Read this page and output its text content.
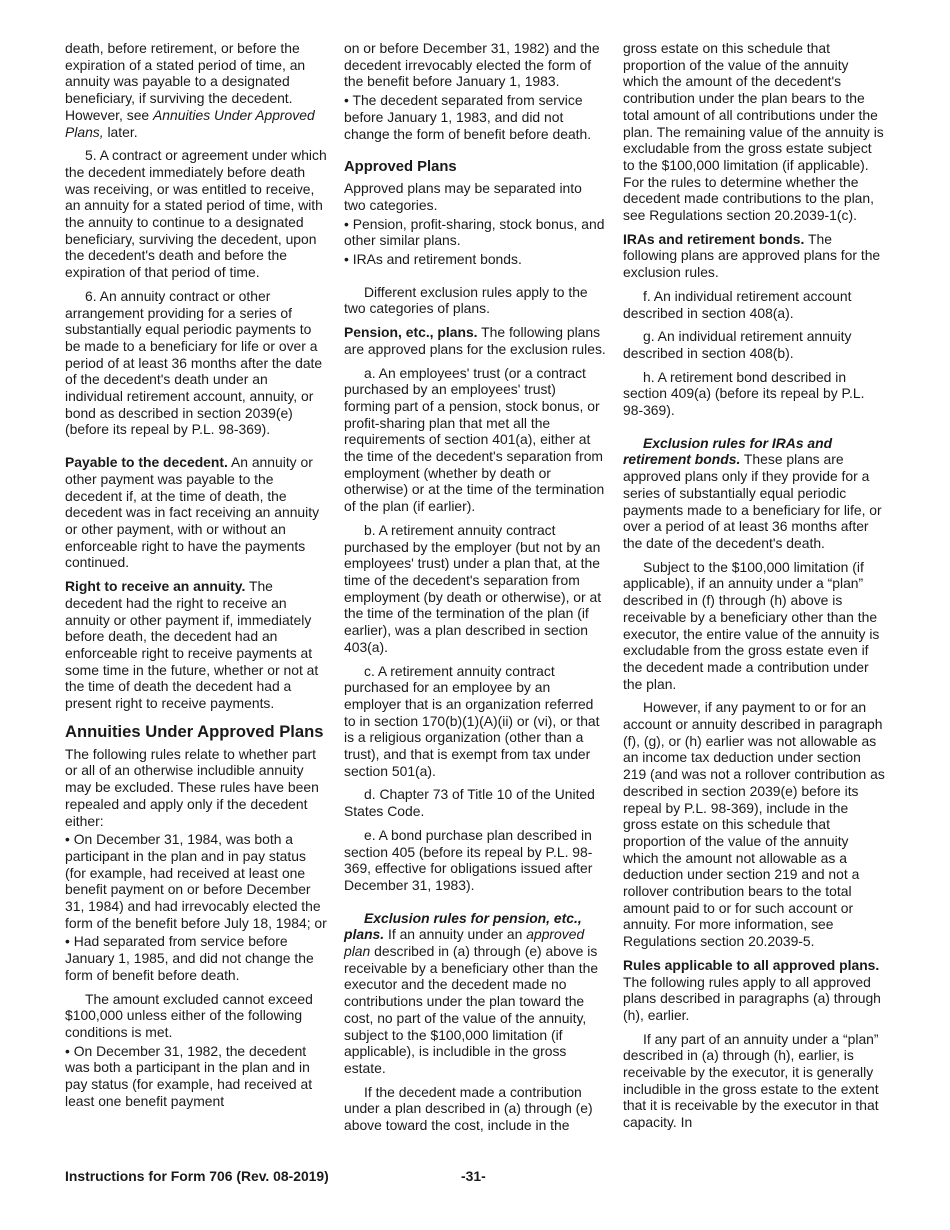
death, before retirement, or before the expiration of a stated period of time, an annuity was payable to a designated beneficiary, if surviving the decedent. However, see Annuities Under Approved Plans, later.

5. A contract or agreement under which the decedent immediately before death was receiving, or was entitled to receive, an annuity for a stated period of time, with the annuity to continue to a designated beneficiary, surviving the decedent, upon the decedent's death and before the expiration of that period of time.

6. An annuity contract or other arrangement providing for a series of substantially equal periodic payments to be made to a beneficiary for life or over a period of at least 36 months after the date of the decedent's death under an individual retirement account, annuity, or bond as described in section 2039(e) (before its repeal by P.L. 98-369).

Payable to the decedent. An annuity or other payment was payable to the decedent if, at the time of death, the decedent was in fact receiving an annuity or other payment, with or without an enforceable right to have the payments continued.

Right to receive an annuity. The decedent had the right to receive an annuity or other payment if, immediately before death, the decedent had an enforceable right to receive payments at some time in the future, whether or not at the time of death the decedent had a present right to receive payments.

Annuities Under Approved Plans

The following rules relate to whether part or all of an otherwise includible annuity may be excluded. These rules have been repealed and apply only if the decedent either:

• On December 31, 1984, was both a participant in the plan and in pay status (for example, had received at least one benefit payment on or before December 31, 1984) and had irrevocably elected the form of the benefit before July 18, 1984; or

• Had separated from service before January 1, 1985, and did not change the form of benefit before death.

The amount excluded cannot exceed $100,000 unless either of the following conditions is met.

• On December 31, 1982, the decedent was both a participant in the plan and in pay status (for example, had received at least one benefit payment

on or before December 31, 1982) and the decedent irrevocably elected the form of the benefit before January 1, 1983.

• The decedent separated from service before January 1, 1983, and did not change the form of benefit before death.

Approved Plans

Approved plans may be separated into two categories.

• Pension, profit-sharing, stock bonus, and other similar plans.

• IRAs and retirement bonds.

Different exclusion rules apply to the two categories of plans.

Pension, etc., plans. The following plans are approved plans for the exclusion rules.

a. An employees' trust (or a contract purchased by an employees' trust) forming part of a pension, stock bonus, or profit-sharing plan that met all the requirements of section 401(a), either at the time of the decedent's separation from employment (whether by death or otherwise) or at the time of the termination of the plan (if earlier).

b. A retirement annuity contract purchased by the employer (but not by an employees' trust) under a plan that, at the time of the decedent's separation from employment (by death or otherwise), or at the time of the termination of the plan (if earlier), was a plan described in section 403(a).

c. A retirement annuity contract purchased for an employee by an employer that is an organization referred to in section 170(b)(1)(A)(ii) or (vi), or that is a religious organization (other than a trust), and that is exempt from tax under section 501(a).

d. Chapter 73 of Title 10 of the United States Code.

e. A bond purchase plan described in section 405 (before its repeal by P.L. 98-369, effective for obligations issued after December 31, 1983).

Exclusion rules for pension, etc., plans. If an annuity under an approved plan described in (a) through (e) above is receivable by a beneficiary other than the executor and the decedent made no contributions under the plan toward the cost, no part of the value of the annuity, subject to the $100,000 limitation (if applicable), is includible in the gross estate.

If the decedent made a contribution under a plan described in (a) through (e) above toward the cost, include in the

gross estate on this schedule that proportion of the value of the annuity which the amount of the decedent's contribution under the plan bears to the total amount of all contributions under the plan. The remaining value of the annuity is excludable from the gross estate subject to the $100,000 limitation (if applicable). For the rules to determine whether the decedent made contributions to the plan, see Regulations section 20.2039-1(c).

IRAs and retirement bonds. The following plans are approved plans for the exclusion rules.

f. An individual retirement account described in section 408(a).

g. An individual retirement annuity described in section 408(b).

h. A retirement bond described in section 409(a) (before its repeal by P.L. 98-369).

Exclusion rules for IRAs and retirement bonds. These plans are approved plans only if they provide for a series of substantially equal periodic payments made to a beneficiary for life, or over a period of at least 36 months after the date of the decedent's death.

Subject to the $100,000 limitation (if applicable), if an annuity under a “plan” described in (f) through (h) above is receivable by a beneficiary other than the executor, the entire value of the annuity is excludable from the gross estate even if the decedent made a contribution under the plan.

However, if any payment to or for an account or annuity described in paragraph (f), (g), or (h) earlier was not allowable as an income tax deduction under section 219 (and was not a rollover contribution as described in section 2039(e) before its repeal by P.L. 98-369), include in the gross estate on this schedule that proportion of the value of the annuity which the amount not allowable as a deduction under section 219 and not a rollover contribution bears to the total amount paid to or for such account or annuity. For more information, see Regulations section 20.2039-5.

Rules applicable to all approved plans. The following rules apply to all approved plans described in paragraphs (a) through (h), earlier.

If any part of an annuity under a “plan” described in (a) through (h), earlier, is receivable by the executor, it is generally includible in the gross estate to the extent that it is receivable by the executor in that capacity. In

Instructions for Form 706 (Rev. 08-2019)	-31-
